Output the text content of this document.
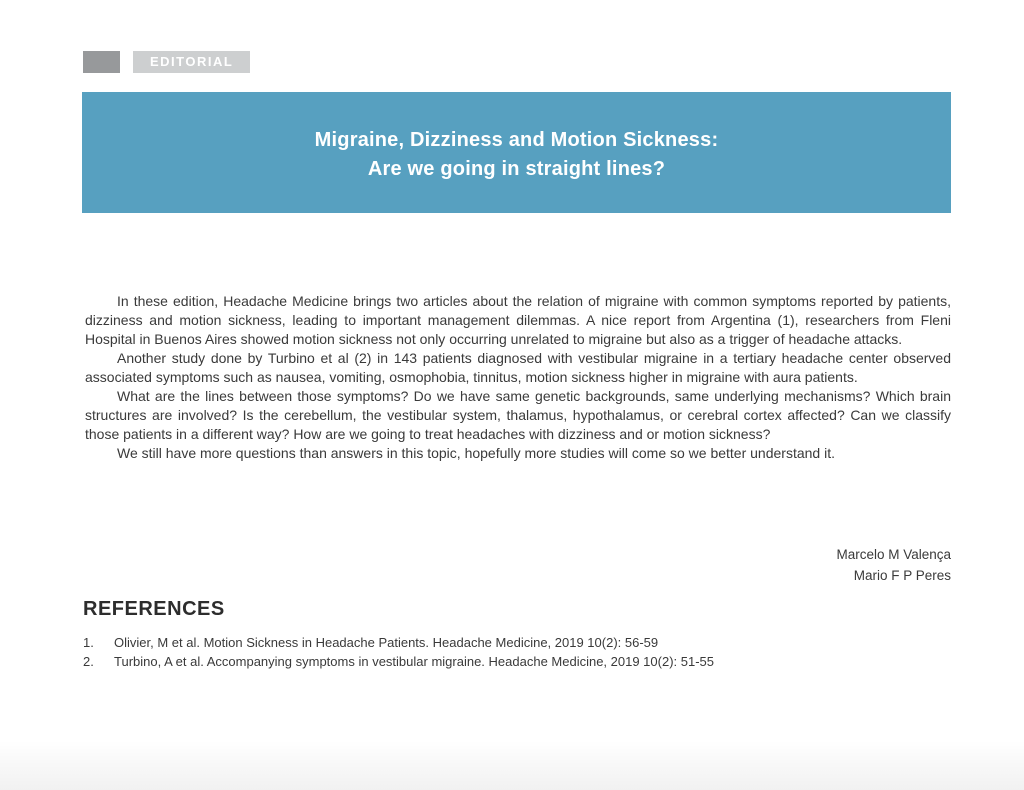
EDITORIAL
Migraine, Dizziness and Motion Sickness:
Are we going in straight lines?

In these edition, Headache Medicine brings two articles about the relation of migraine with common symptoms reported by patients, dizziness and motion sickness, leading to important management dilemmas. A nice report from Argentina (1), researchers from Fleni Hospital in Buenos Aires showed motion sickness not only occurring unrelated to migraine but also as a trigger of headache attacks.

Another study done by Turbino et al (2) in 143 patients diagnosed with vestibular migraine in a tertiary headache center observed associated symptoms such as nausea, vomiting, osmophobia, tinnitus, motion sickness higher in migraine with aura patients.

What are the lines between those symptoms? Do we have same genetic backgrounds, same underlying mechanisms? Which brain structures are involved? Is the cerebellum, the vestibular system, thalamus, hypothalamus, or cerebral cortex affected? Can we classify those patients in a different way? How are we going to treat headaches with dizziness and or motion sickness?

We still have more questions than answers in this topic, hopefully more studies will come so we better understand it.

Marcelo M Valença
Mario F P Peres
REFERENCES
1.	Olivier, M et al. Motion Sickness in Headache Patients. Headache Medicine, 2019 10(2): 56-59
2.	Turbino, A et al. Accompanying symptoms in vestibular migraine. Headache Medicine, 2019 10(2): 51-55
